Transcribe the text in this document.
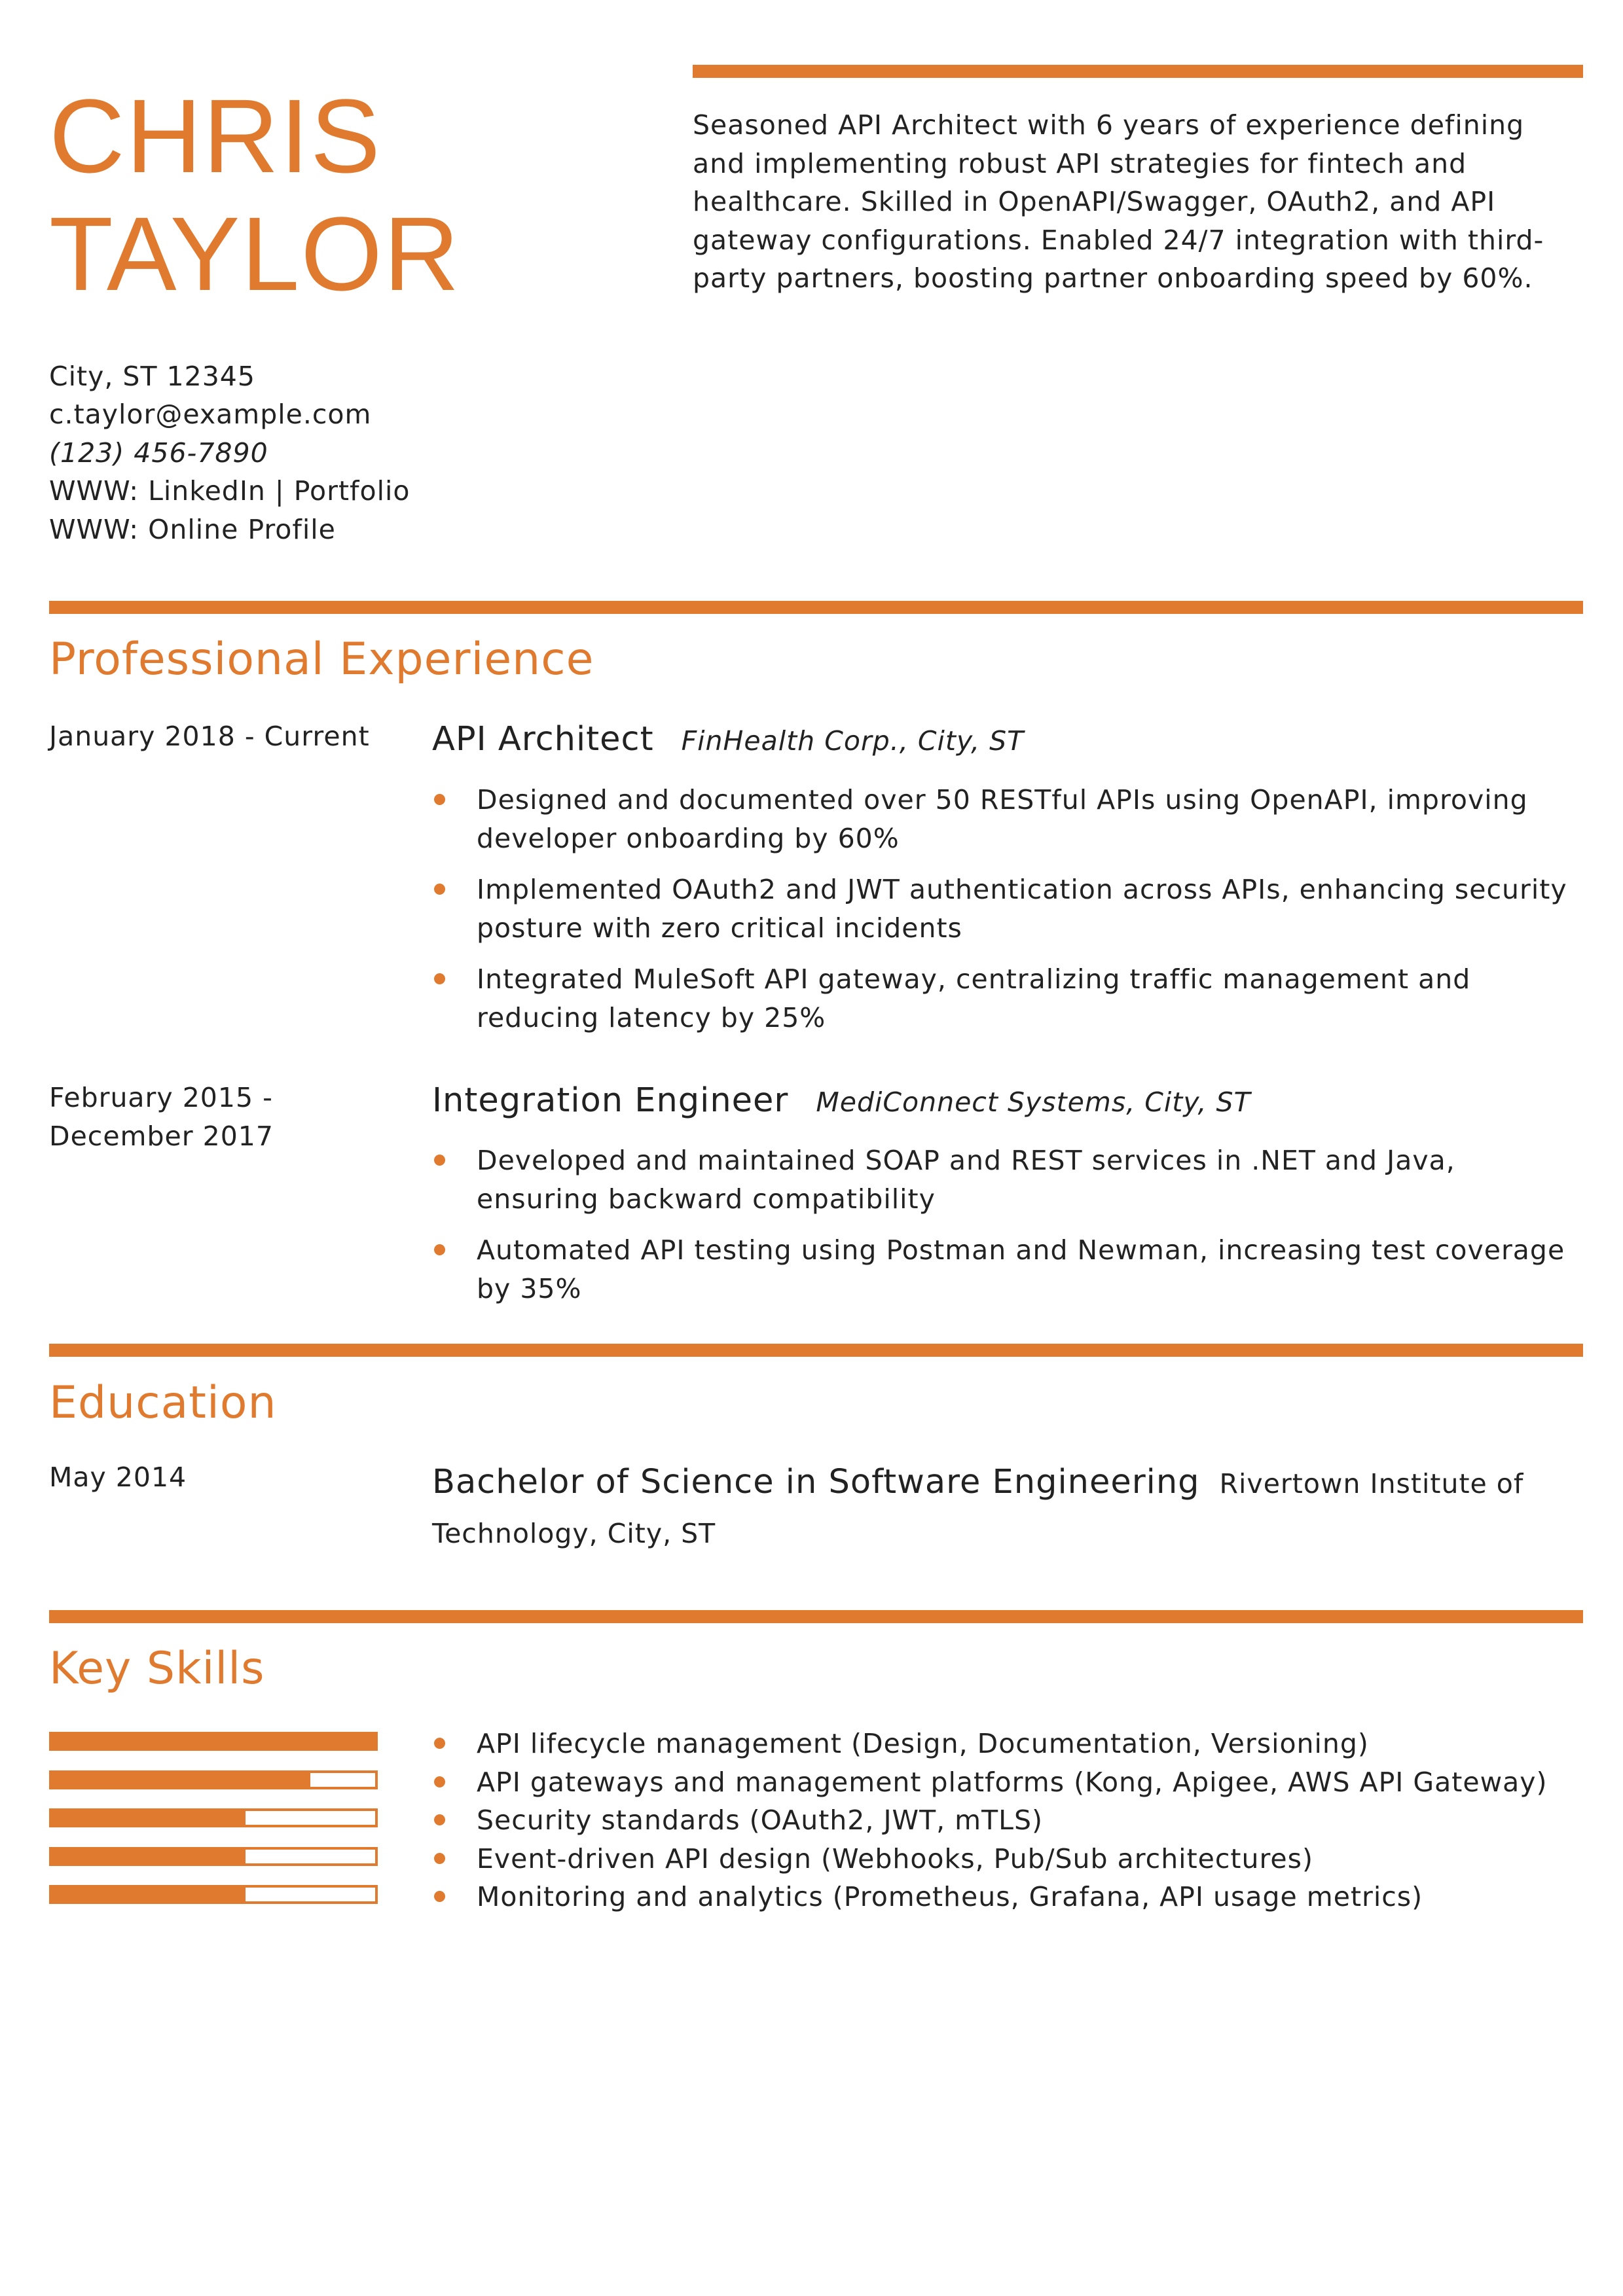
CHRIS
TAYLOR
Seasoned API Architect with 6 years of experience defining and implementing robust API strategies for fintech and healthcare. Skilled in OpenAPI/Swagger, OAuth2, and API gateway configurations. Enabled 24/7 integration with third-party partners, boosting partner onboarding speed by 60%.
City, ST 12345
c.taylor@example.com
(123) 456-7890
WWW: LinkedIn | Portfolio
WWW: Online Profile
Professional Experience
January 2018 - Current	API Architect FinHealth Corp., City, ST
Designed and documented over 50 RESTful APIs using OpenAPI, improving developer onboarding by 60%
Implemented OAuth2 and JWT authentication across APIs, enhancing security posture with zero critical incidents
Integrated MuleSoft API gateway, centralizing traffic management and reducing latency by 25%
February 2015 - December 2017
Integration Engineer MediConnect Systems, City, ST
Developed and maintained SOAP and REST services in .NET and Java, ensuring backward compatibility
Automated API testing using Postman and Newman, increasing test coverage by 35%
Education
May 2014	Bachelor of Science in Software Engineering Rivertown Institute of Technology, City, ST
Key Skills
API lifecycle management (Design, Documentation, Versioning)
API gateways and management platforms (Kong, Apigee, AWS API Gateway)
Security standards (OAuth2, JWT, mTLS)
Event-driven API design (Webhooks, Pub/Sub architectures)
Monitoring and analytics (Prometheus, Grafana, API usage metrics)
